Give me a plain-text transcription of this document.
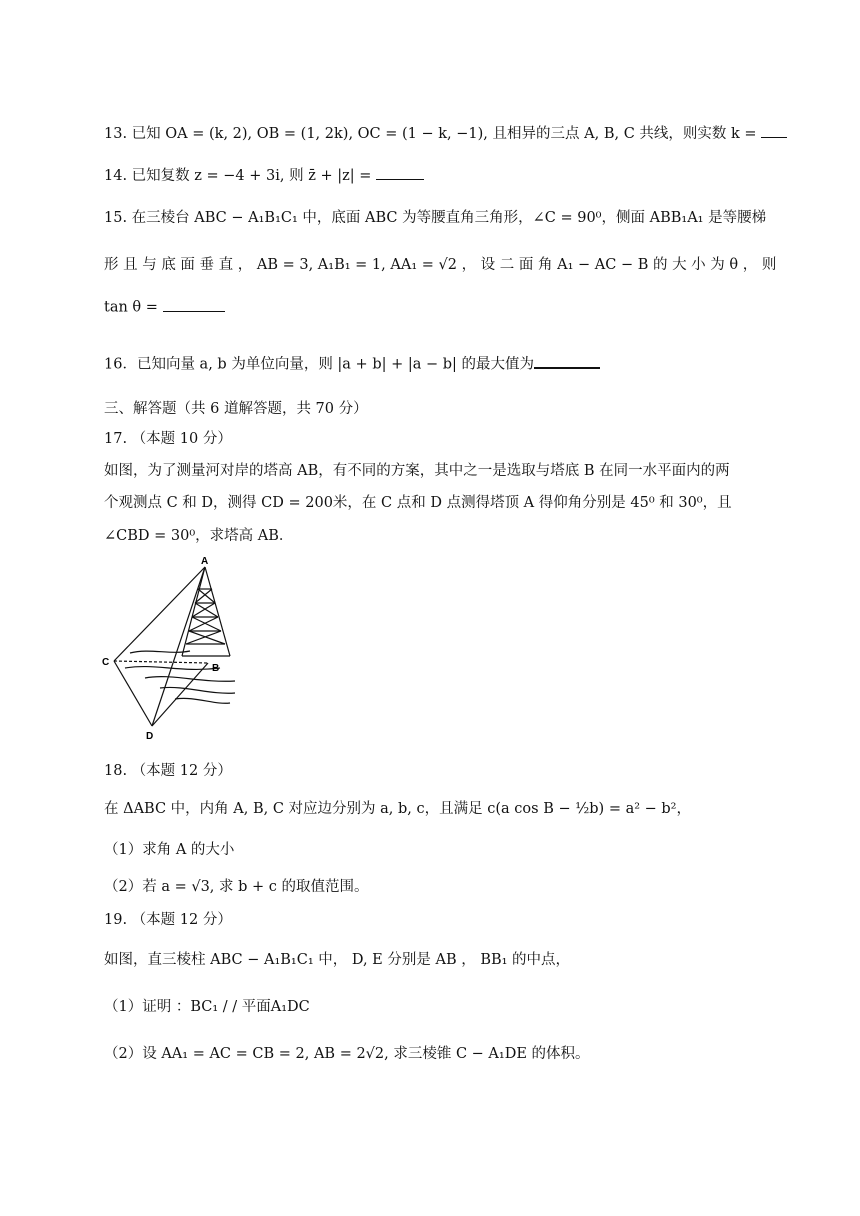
13. 已知 OA = (k, 2), OB = (1, 2k), OC = (1 − k, −1), 且相异的三点 A, B, C 共线，则实数 k =
14. 已知复数 z = −4 + 3i, 则 z̄ + |z| =
15. 在三棱台 ABC − A₁B₁C₁ 中，底面 ABC 为等腰直角三角形，∠C = 90⁰，侧面 ABB₁A₁ 是等腰梯
形 且 与 底 面 垂 直 ， AB = 3, A₁B₁ = 1, AA₁ = √2 ， 设 二 面 角 A₁ − AC − B 的 大 小 为 θ ， 则
tan θ =
16．已知向量 a, b 为单位向量，则 |a + b| + |a − b| 的最大值为
三、解答题（共 6 道解答题，共 70 分）
17. （本题 10 分）
如图，为了测量河对岸的塔高 AB，有不同的方案，其中之一是选取与塔底 B 在同一水平面内的两
个观测点 C 和 D，测得 CD = 200米，在 C 点和 D 点测得塔顶 A 得仰角分别是 45⁰ 和 30⁰，且
∠CBD = 30⁰，求塔高 AB．
A
B
C
D
18. （本题 12 分）
在 ΔABC 中，内角 A, B, C 对应边分别为 a, b, c，且满足 c(a cos B − ½b) = a² − b²，
（1）求角 A 的大小
（2）若 a = √3, 求 b + c 的取值范围。
19. （本题 12 分）
如图，直三棱柱 ABC − A₁B₁C₁ 中， D, E 分别是 AB ， BB₁ 的中点，
（1）证明 ：BC₁ / / 平面A₁DC
（2）设 AA₁ = AC = CB = 2, AB = 2√2, 求三棱锥 C − A₁DE 的体积。
